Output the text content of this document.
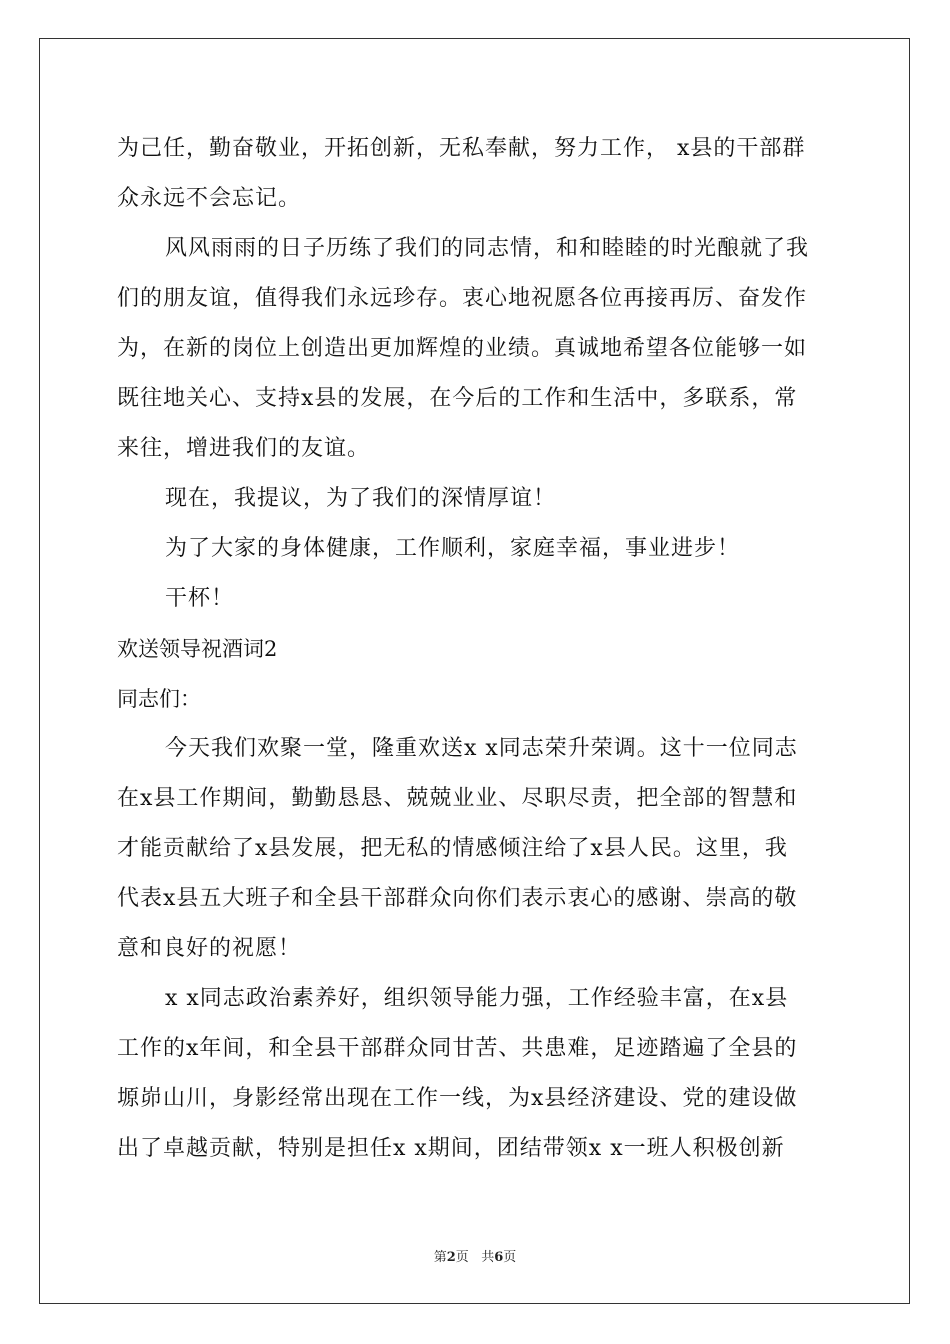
为己任，勤奋敬业，开拓创新，无私奉献，努力工作， x县的干部群
众永远不会忘记。
风风雨雨的日子历练了我们的同志情，和和睦睦的时光酿就了我
们的朋友谊，值得我们永远珍存。衷心地祝愿各位再接再厉、奋发作
为，在新的岗位上创造出更加辉煌的业绩。真诚地希望各位能够一如
既往地关心、支持x县的发展，在今后的工作和生活中，多联系，常
来往，增进我们的友谊。
现在，我提议，为了我们的深情厚谊！
为了大家的身体健康，工作顺利，家庭幸福，事业进步！
干杯！
欢送领导祝酒词2
同志们：
今天我们欢聚一堂，隆重欢送x x同志荣升荣调。这十一位同志
在x县工作期间，勤勤恳恳、兢兢业业、尽职尽责，把全部的智慧和
才能贡献给了x县发展，把无私的情感倾注给了x县人民。这里，我
代表x县五大班子和全县干部群众向你们表示衷心的感谢、崇高的敬
意和良好的祝愿！
x x同志政治素养好，组织领导能力强，工作经验丰富，在x县
工作的x年间，和全县干部群众同甘苦、共患难，足迹踏遍了全县的
塬峁山川，身影经常出现在工作一线，为x县经济建设、党的建设做
出了卓越贡献，特别是担任x x期间，团结带领x x一班人积极创新
第2页   共6页
